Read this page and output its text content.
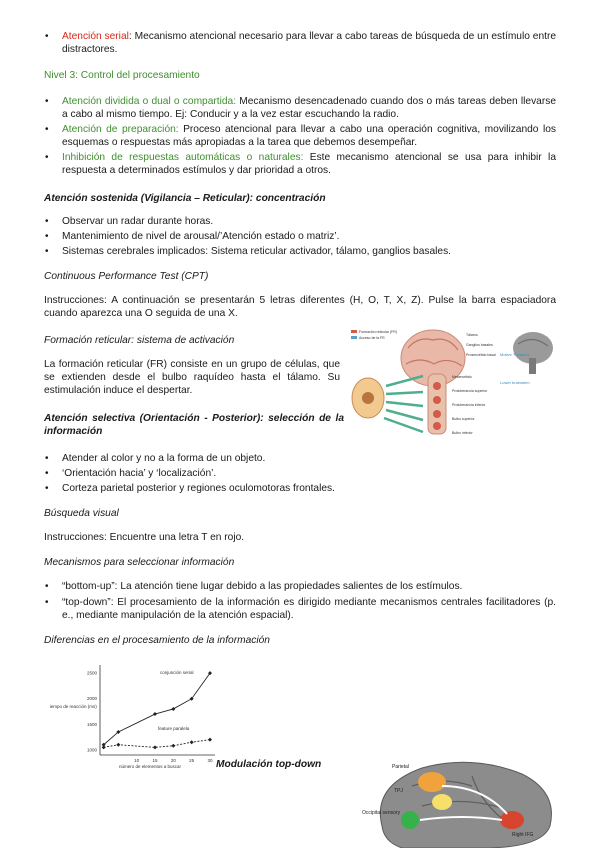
• Atención serial: Mecanismo atencional necesario para llevar a cabo tareas de búsqueda de un estímulo entre distractores.
Nivel 3: Control del procesamiento
• Atención dividida o dual o compartida: Mecanismo desencadenado cuando dos o más tareas deben llevarse a cabo al mismo tiempo. Ej: Conducir y a la vez estar escuchando la radio.
• Atención de preparación: Proceso atencional para llevar a cabo una operación cognitiva, movilizando los esquemas o respuestas más apropiadas a la tarea que debemos desempeñar.
• Inhibición de respuestas automáticas o naturales: Este mecanismo atencional se usa para inhibir la respuesta a determinados estímulos y dar prioridad a otros.
Atención sostenida (Vigilancia – Reticular): concentración
• Observar un radar durante horas.
• Mantenimiento de nivel de arousal/’Atención estado o matriz’.
• Sistemas cerebrales implicados: Sistema reticular activador, tálamo, ganglios basales.
Continuous Performance Test (CPT)
Instrucciones: A continuación se presentarán 5 letras diferentes (H, O, T, X, Z). Pulse la barra espaciadora cuando aparezca una O seguida de una X.
Formación reticular: sistema de activación
La formación reticular (FR) consiste en un grupo de células, que se extienden desde el bulbo raquídeo hasta el tálamo. Su estimulación induce el despertar.
Formación reticular (FR)
Acceso de la FR
Tálamo
Ganglios basales
Prosencéfalo basal
Mesencéfalo
Protuberancia superior
Protuberancia inferior
Bulbo superior
Bulbo inferior
Motive Theatrics
Lower brainstem
Atención selectiva (Orientación - Posterior): selección de la información
• Atender al color y no a la forma de un objeto.
• ‘Orientación hacia’ y ‘localización’.
• Corteza parietal posterior y regiones oculomotoras frontales.
Búsqueda visual
Instrucciones: Encuentre una letra T en rojo.
Mecanismos para seleccionar información
• “bottom-up”: La atención tiene lugar debido a las propiedades salientes de los estímulos.
• “top-down”: El procesamiento de la información es dirigido mediante mecanismos centrales facilitadores (p. e., mediante manipulación de la atención espacial).
Diferencias en el procesamiento de la información
1000
1500
2000
2500
10	15	20	25	30
número de elementos a buscar
Tiempo de reacción (ms)
conjunción serial
feature paralela
Modulación top-down	Parietal
TPJ
Occipital sensory
Right IFG
